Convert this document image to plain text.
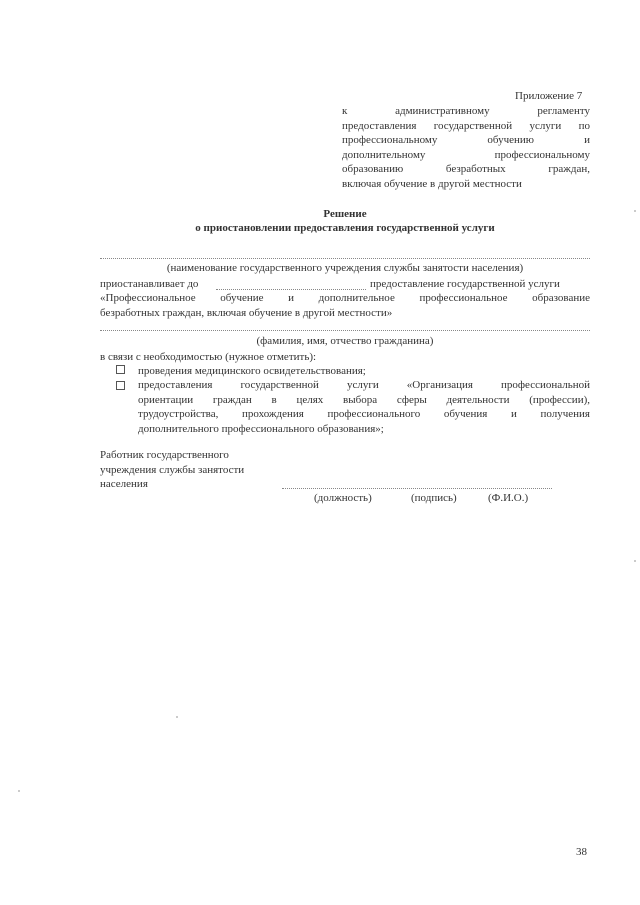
Приложение 7
к административному регламенту
предоставления государственной услуги по
профессиональному обучению и
дополнительному профессиональному
образованию безработных граждан,
включая обучение в другой местности
Решение
о приостановлении предоставления государственной услуги
(наименование государственного учреждения службы занятости населения)
приостанавливает до	предоставление государственной услуги
«Профессиональное обучение и дополнительное профессиональное образование
безработных граждан, включая обучение в другой местности»
(фамилия, имя, отчество гражданина)
в связи с необходимостью (нужное отметить):
проведения медицинского освидетельствования;
предоставления государственной услуги «Организация профессиональной
ориентации граждан в целях выбора сферы деятельности (профессии),
трудоустройства, прохождения профессионального обучения и получения
дополнительного профессионального образования»;
Работник государственного
учреждения службы занятости
населения
(должность)	(подпись)	(Ф.И.О.)
38
